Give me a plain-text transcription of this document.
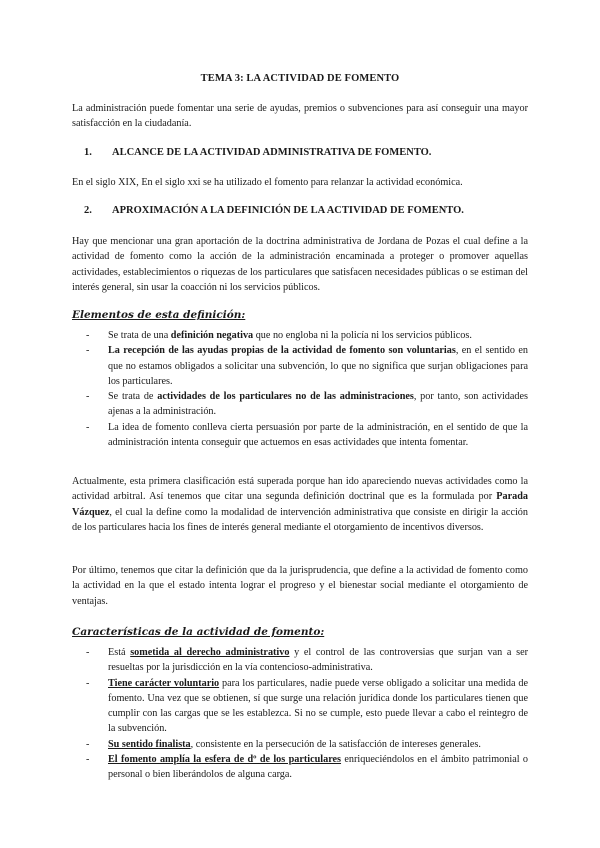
TEMA 3: LA ACTIVIDAD DE FOMENTO
La administración puede fomentar una serie de ayudas, premios o subvenciones para así conseguir una mayor satisfacción en la ciudadanía.
1. ALCANCE DE LA ACTIVIDAD ADMINISTRATIVA DE FOMENTO.
En el siglo XIX, En el siglo xxi se ha utilizado el fomento para relanzar la actividad económica.
2. APROXIMACIÓN A LA DEFINICIÓN DE LA ACTIVIDAD DE FOMENTO.
Hay que mencionar una gran aportación de la doctrina administrativa de Jordana de Pozas el cual define a la actividad de fomento como la acción de la administración encaminada a proteger o promover aquellas actividades, establecimientos o riquezas de los particulares que satisfacen necesidades públicas o se estiman del interés general, sin usar la coacción ni los servicios públicos.
Elementos de esta definición:
- Se trata de una definición negativa que no engloba ni la policía ni los servicios públicos.
- La recepción de las ayudas propias de la actividad de fomento son voluntarias, en el sentido en que no estamos obligados a solicitar una subvención, lo que no significa que surjan obligaciones para los particulares.
- Se trata de actividades de los particulares no de las administraciones, por tanto, son actividades ajenas a la administración.
- La idea de fomento conlleva cierta persuasión por parte de la administración, en el sentido de que la administración intenta conseguir que actuemos en esas actividades que intenta fomentar.
Actualmente, esta primera clasificación está superada porque han ido apareciendo nuevas actividades como la actividad arbitral. Así tenemos que citar una segunda definición doctrinal que es la formulada por Parada Vázquez, el cual la define como la modalidad de intervención administrativa que consiste en dirigir la acción de los particulares hacia los fines de interés general mediante el otorgamiento de incentivos diversos.
Por último, tenemos que citar la definición que da la jurisprudencia, que define a la actividad de fomento como la actividad en la que el estado intenta lograr el progreso y el bienestar social mediante el otorgamiento de ventajas.
Características de la actividad de fomento:
- Está sometida al derecho administrativo y el control de las controversias que surjan van a ser resueltas por la jurisdicción en la vía contencioso-administrativa.
- Tiene carácter voluntario para los particulares, nadie puede verse obligado a solicitar una medida de fomento. Una vez que se obtienen, sí que surge una relación jurídica donde los particulares tienen que cumplir con las cargas que se les establezca. Si no se cumple, esto puede llevar a cabo el reintegro de la subvención.
- Su sentido finalista, consistente en la persecución de la satisfacción de intereses generales.
- El fomento amplía la esfera de dº de los particulares enriqueciéndolos en el ámbito patrimonial o personal o bien liberándolos de alguna carga.
